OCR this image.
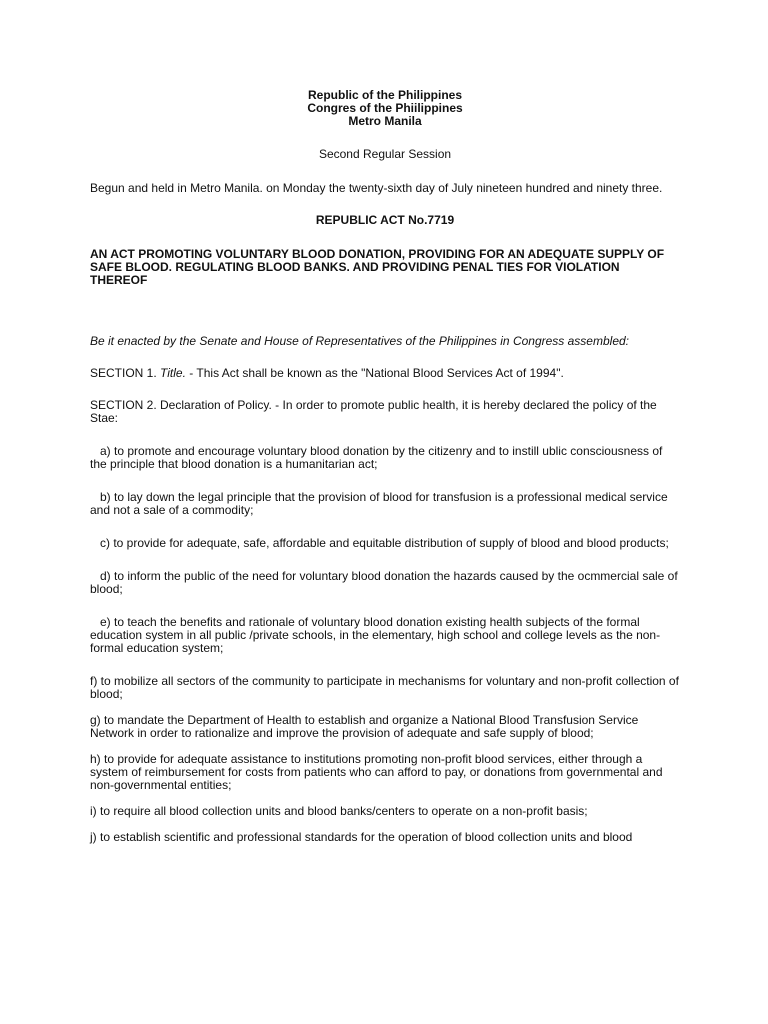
Republic of the Philippines
Congres of the Phiilippines
Metro Manila
Second Regular Session
Begun and held in Metro Manila. on Monday the twenty-sixth day of July nineteen hundred and ninety three.
REPUBLIC ACT No.7719
AN ACT PROMOTING VOLUNTARY BLOOD DONATION, PROVIDING FOR AN ADEQUATE SUPPLY OF SAFE BLOOD. REGULATING BLOOD BANKS. AND PROVIDING PENAL TIES FOR VIOLATION THEREOF
Be it enacted by the Senate and House of Representatives of the Philippines in Congress assembled:
SECTION 1. Title. - This Act shall be known as the "National Blood Services Act of 1994".
SECTION 2. Declaration of Policy. - In order to promote public health, it is hereby declared the policy of the Stae:
a) to promote and encourage voluntary blood donation by the citizenry and to instill ublic consciousness of the principle that blood donation is a humanitarian act;
b) to lay down the legal principle that the provision of blood for transfusion is a professional medical service and not a sale of a commodity;
c) to provide for adequate, safe, affordable and equitable distribution of supply of blood and blood products;
d) to inform the public of the need for voluntary blood donation the hazards caused by the ocmmercial sale of blood;
e) to teach the benefits and rationale of voluntary blood donation existing health subjects of the formal education system in all public /private schools, in the elementary, high school and college levels as the non-formal education system;
f) to mobilize all sectors of the community to participate in mechanisms for voluntary and non-profit collection of blood;
g) to mandate the Department of Health to establish and organize a National Blood Transfusion Service Network in order to rationalize and improve the provision of adequate and safe supply of blood;
h) to provide for adequate assistance to institutions promoting non-profit blood services, either through a system of reimbursement for costs from patients who can afford to pay, or donations from governmental and non-governmental entities;
i) to require all blood collection units and blood banks/centers to operate on a non-profit basis;
j) to establish scientific and professional standards for the operation of blood collection units and blood
